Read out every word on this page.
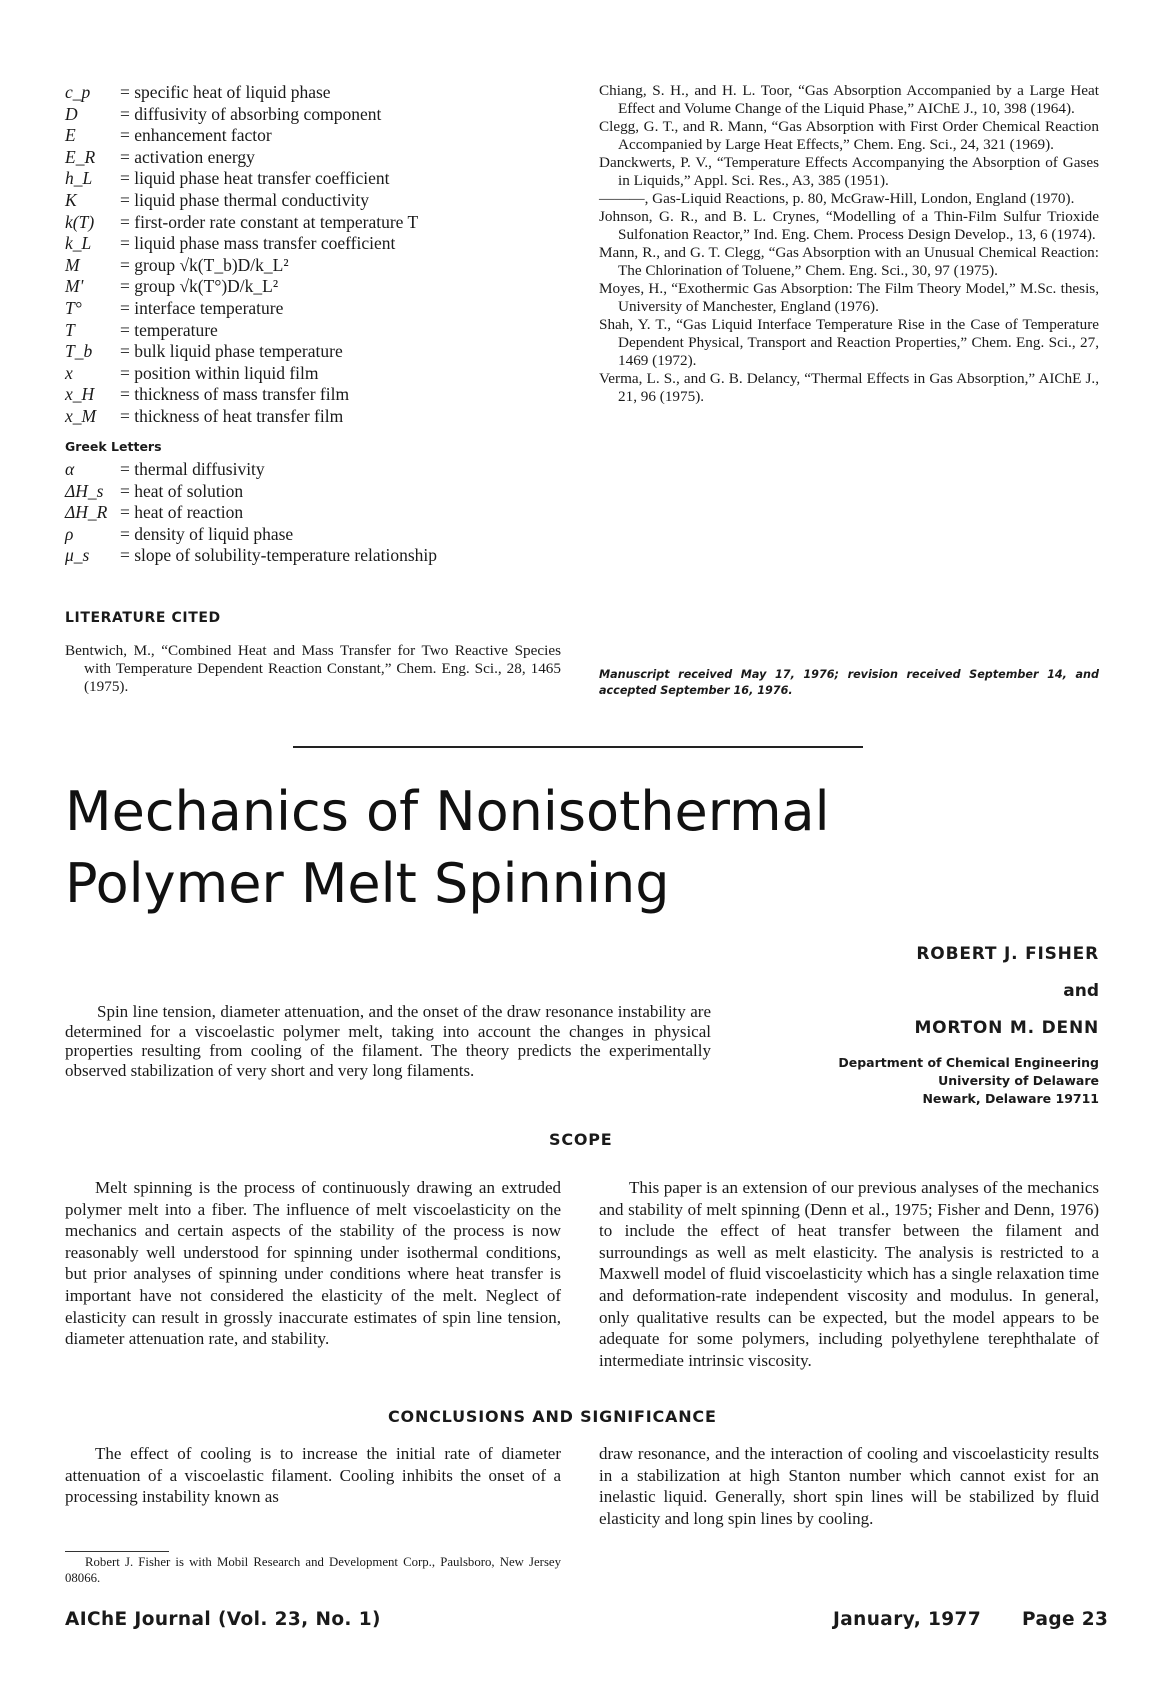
c_p	= specific heat of liquid phase
D	= diffusivity of absorbing component
E	= enhancement factor
E_R	= activation energy
h_L	= liquid phase heat transfer coefficient
K	= liquid phase thermal conductivity
k(T)	= first-order rate constant at temperature T
k_L	= liquid phase mass transfer coefficient
M	= group √k(T_b)D/k_L²
M'	= group √k(T°)D/k_L²
T°	= interface temperature
T	= temperature
T_b	= bulk liquid phase temperature
x	= position within liquid film
x_H	= thickness of mass transfer film
x_M	= thickness of heat transfer film
Greek Letters
α	= thermal diffusivity
ΔH_s = heat of solution
ΔH_R = heat of reaction
ρ	= density of liquid phase
μ_s	= slope of solubility-temperature relationship

Chiang, S. H., and H. L. Toor, “Gas Absorption Accompanied by a Large Heat Effect and Volume Change of the Liquid Phase,” AIChE J., 10, 398 (1964).

Clegg, G. T., and R. Mann, “Gas Absorption with First Order Chemical Reaction Accompanied by Large Heat Effects,” Chem. Eng. Sci., 24, 321 (1969).

Danckwerts, P. V., “Temperature Effects Accompanying the Absorption of Gases in Liquids,” Appl. Sci. Res., A3, 385 (1951).

———, Gas-Liquid Reactions, p. 80, McGraw-Hill, London, England (1970).

Johnson, G. R., and B. L. Crynes, “Modelling of a Thin-Film Sulfur Trioxide Sulfonation Reactor,” Ind. Eng. Chem. Process Design Develop., 13, 6 (1974).

Mann, R., and G. T. Clegg, “Gas Absorption with an Unusual Chemical Reaction: The Chlorination of Toluene,” Chem. Eng. Sci., 30, 97 (1975).

Moyes, H., “Exothermic Gas Absorption: The Film Theory Model,” M.Sc. thesis, University of Manchester, England (1976).

Shah, Y. T., “Gas Liquid Interface Temperature Rise in the Case of Temperature Dependent Physical, Transport and Reaction Properties,” Chem. Eng. Sci., 27, 1469 (1972).

Verma, L. S., and G. B. Delancy, “Thermal Effects in Gas Absorption,” AIChE J., 21, 96 (1975).

LITERATURE CITED

Bentwich, M., “Combined Heat and Mass Transfer for Two Reactive Species with Temperature Dependent Reaction Constant,” Chem. Eng. Sci., 28, 1465 (1975).

Manuscript received May 17, 1976; revision received September 14, and accepted September 16, 1976.
Mechanics of Nonisothermal
Polymer Melt Spinning
ROBERT J. FISHER
and
MORTON M. DENN
Department of Chemical Engineering
University of Delaware
Newark, Delaware 19711
Spin line tension, diameter attenuation, and the onset of the draw resonance instability are determined for a viscoelastic polymer melt, taking into account the changes in physical properties resulting from cooling of the filament. The theory predicts the experimentally observed stabilization of very short and very long filaments.
SCOPE

Melt spinning is the process of continuously drawing an extruded polymer melt into a fiber. The influence of melt viscoelasticity on the mechanics and certain aspects of the stability of the process is now reasonably well understood for spinning under isothermal conditions, but prior analyses of spinning under conditions where heat transfer is important have not considered the elasticity of the melt. Neglect of elasticity can result in grossly inaccurate estimates of spin line tension, diameter attenuation rate, and stability.

This paper is an extension of our previous analyses of the mechanics and stability of melt spinning (Denn et al., 1975; Fisher and Denn, 1976) to include the effect of heat transfer between the filament and surroundings as well as melt elasticity. The analysis is restricted to a Maxwell model of fluid viscoelasticity which has a single relaxation time and deformation-rate independent viscosity and modulus. In general, only qualitative results can be expected, but the model appears to be adequate for some polymers, including polyethylene terephthalate of intermediate intrinsic viscosity.

CONCLUSIONS AND SIGNIFICANCE

The effect of cooling is to increase the initial rate of diameter attenuation of a viscoelastic filament. Cooling inhibits the onset of a processing instability known as

draw resonance, and the interaction of cooling and viscoelasticity results in a stabilization at high Stanton number which cannot exist for an inelastic liquid. Generally, short spin lines will be stabilized by fluid elasticity and long spin lines by cooling.

Robert J. Fisher is with Mobil Research and Development Corp., Paulsboro, New Jersey 08066.
AIChE Journal (Vol. 23, No. 1)	January, 1977 Page 23
